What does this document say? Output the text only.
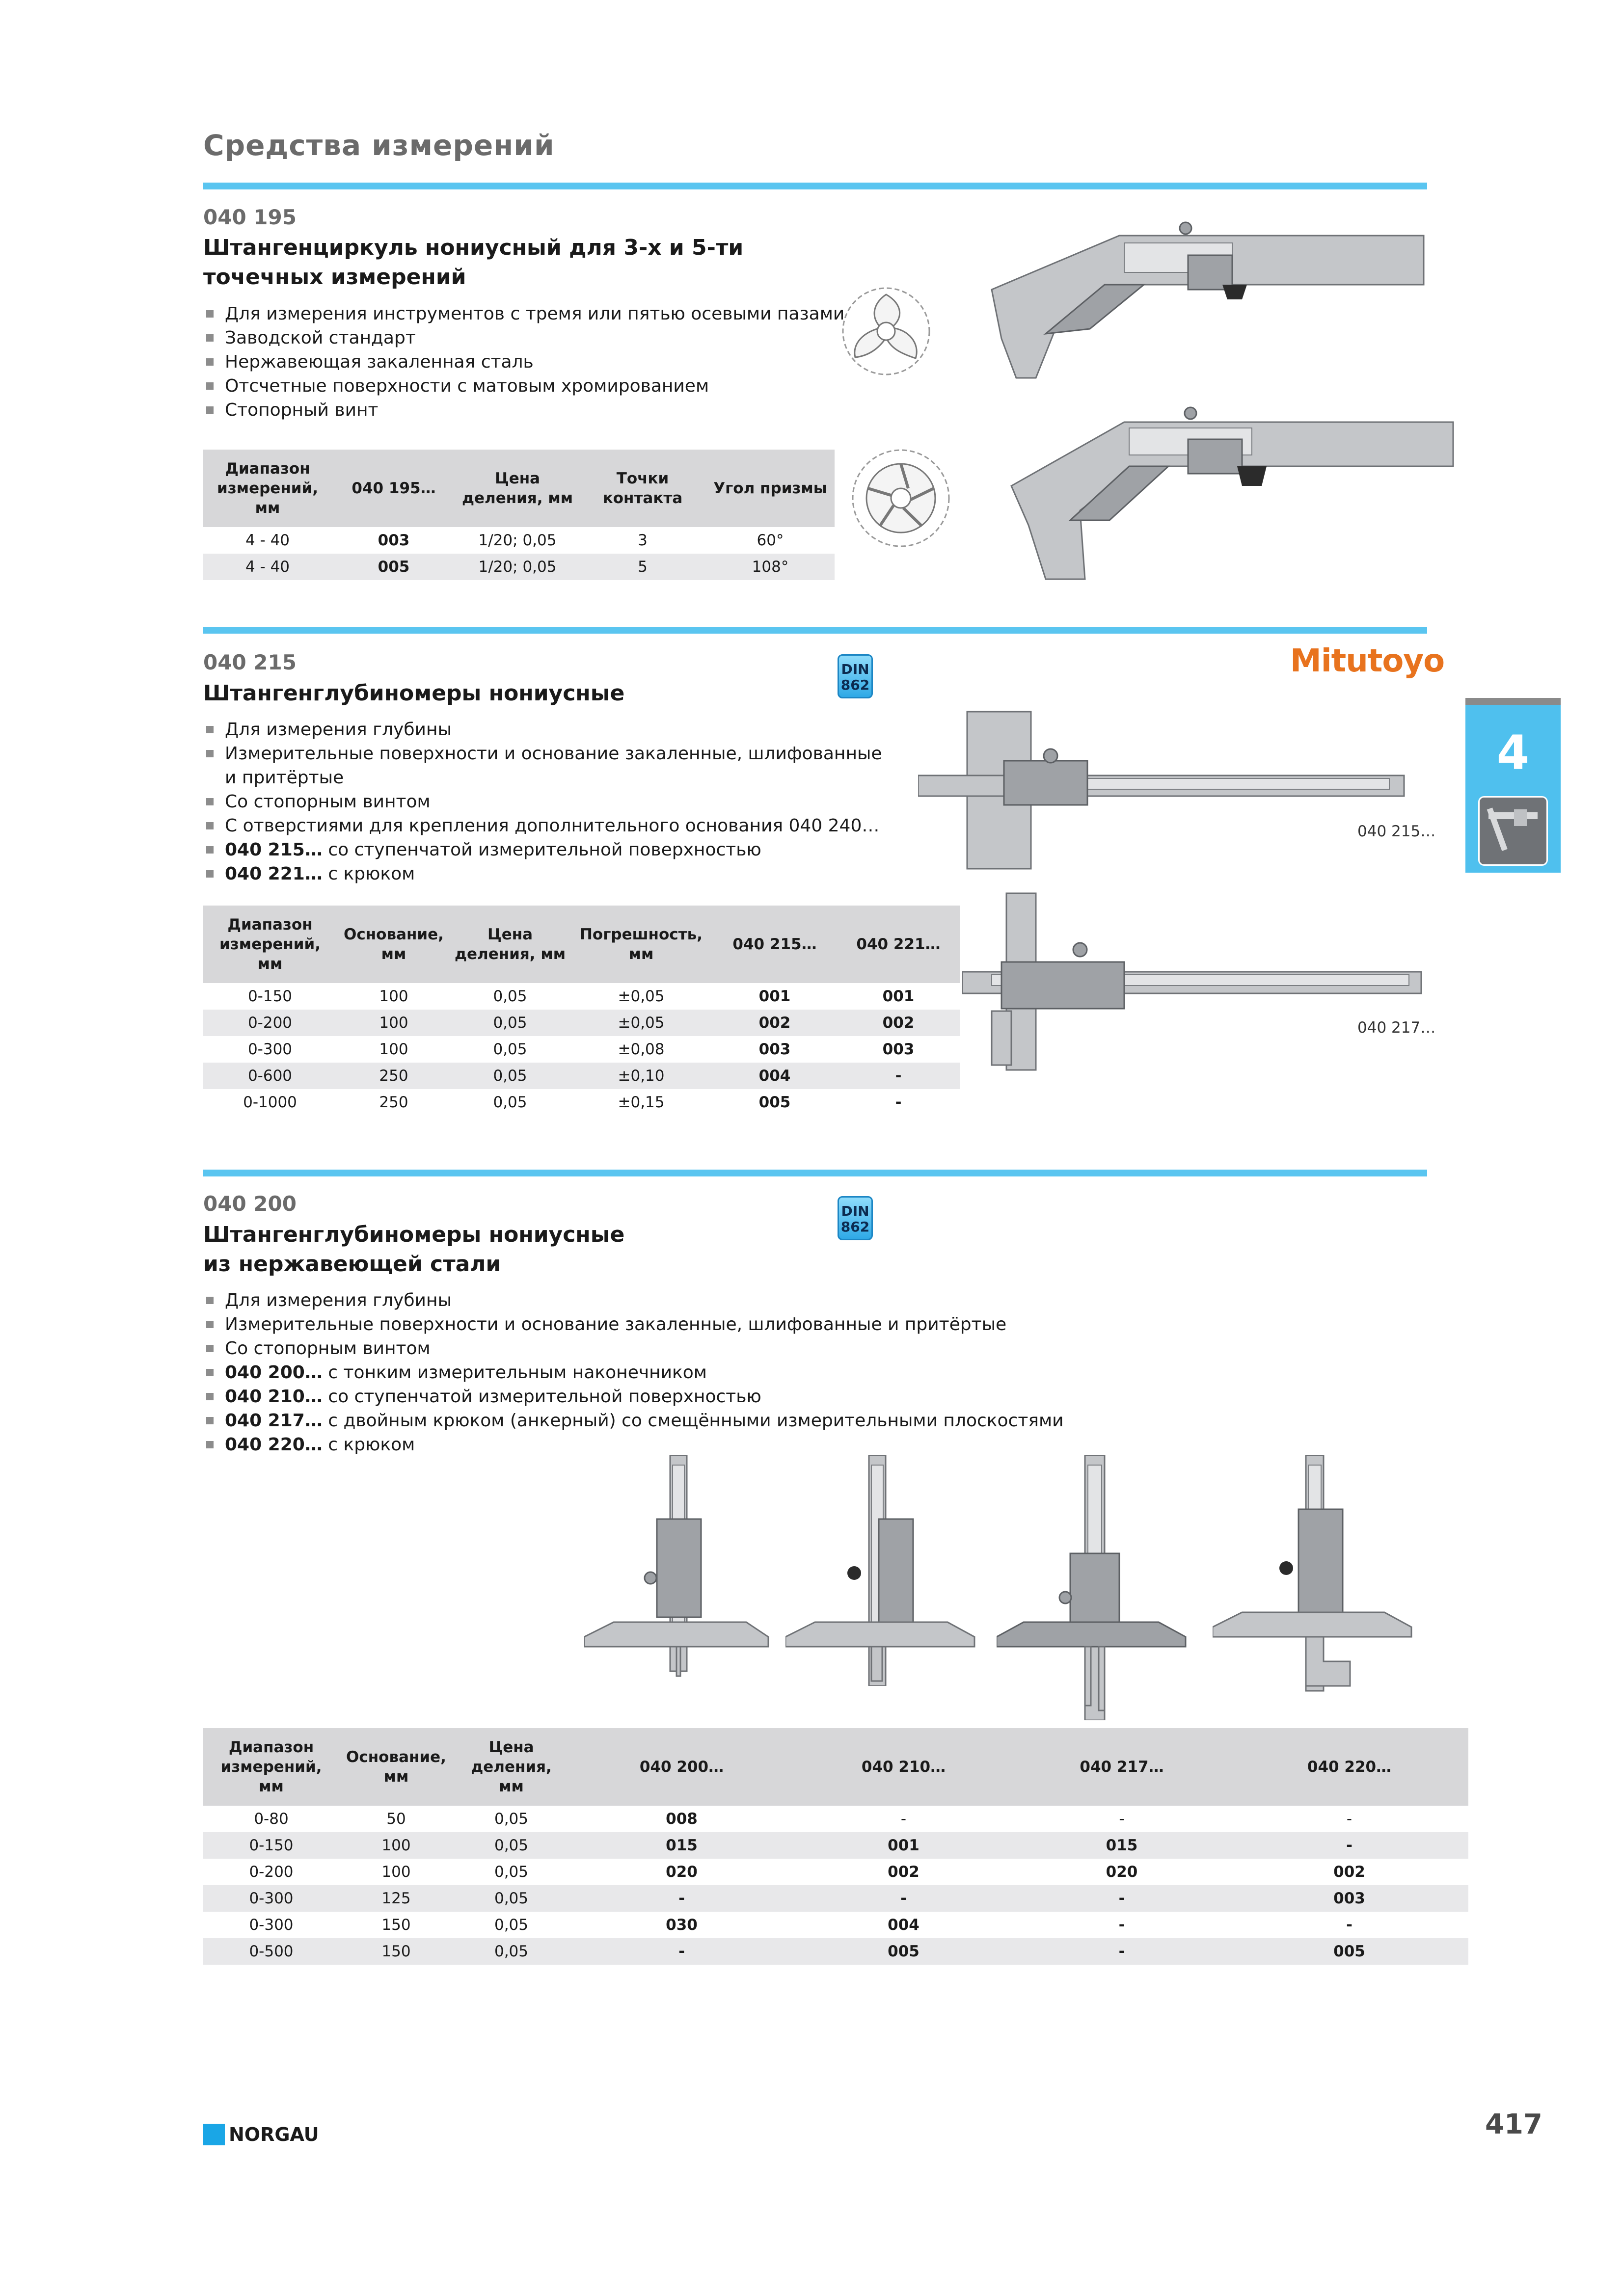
Средства измерений
040 195
Штангенциркуль нониусный для 3-х и 5-ти
точечных измерений
Для измерения инструментов с тремя или пятью осевыми пазами
Заводской стандарт
Нержавеющая закаленная сталь
Отсчетные поверхности с матовым хромированием
Стопорный винт
Диапазон измерений, мм	040 195…	Цена деления, мм	Точки контакта	Угол призмы
4 - 40	003	1/20; 0,05	3	60°
4 - 40	005	1/20; 0,05	5	108°
040 215
Штангенглубиномеры нониусные
DIN
862
Mitutoyo
Для измерения глубины
Измерительные поверхности и основание закаленные, шлифованные
и притёртые
Со стопорным винтом
С отверстиями для крепления дополнительного основания 040 240…
040 215… со ступенчатой измерительной поверхностью
040 221… с крюком
Диапазон измерений, мм	Основание, мм	Цена деления, мм	Погрешность, мм	040 215…	040 221…
0-150	100	0,05	±0,05	001	001
0-200	100	0,05	±0,05	002	002
0-300	100	0,05	±0,08	003	003
0-600	250	0,05	±0,10	004	-
0-1000	250	0,05	±0,15	005	-
040 215…
040 217…
040 200
Штангенглубиномеры нониусные
из нержавеющей стали
DIN
862
Для измерения глубины
Измерительные поверхности и основание закаленные, шлифованные и притёртые
Со стопорным винтом
040 200… с тонким измерительным наконечником
040 210… со ступенчатой измерительной поверхностью
040 217… с двойным крюком (анкерный) со смещёнными измерительными плоскостями
040 220… с крюком
Диапазон измерений, мм	Основание, мм	Цена деления, мм	040 200…	040 210…	040 217…	040 220…
0-80	50	0,05	008	-	-	-
0-150	100	0,05	015	001	015	-
0-200	100	0,05	020	002	020	002
0-300	125	0,05	-	-	-	003
0-300	150	0,05	030	004	-	-
0-500	150	0,05	-	005	-	005
4
NORGAU	417
